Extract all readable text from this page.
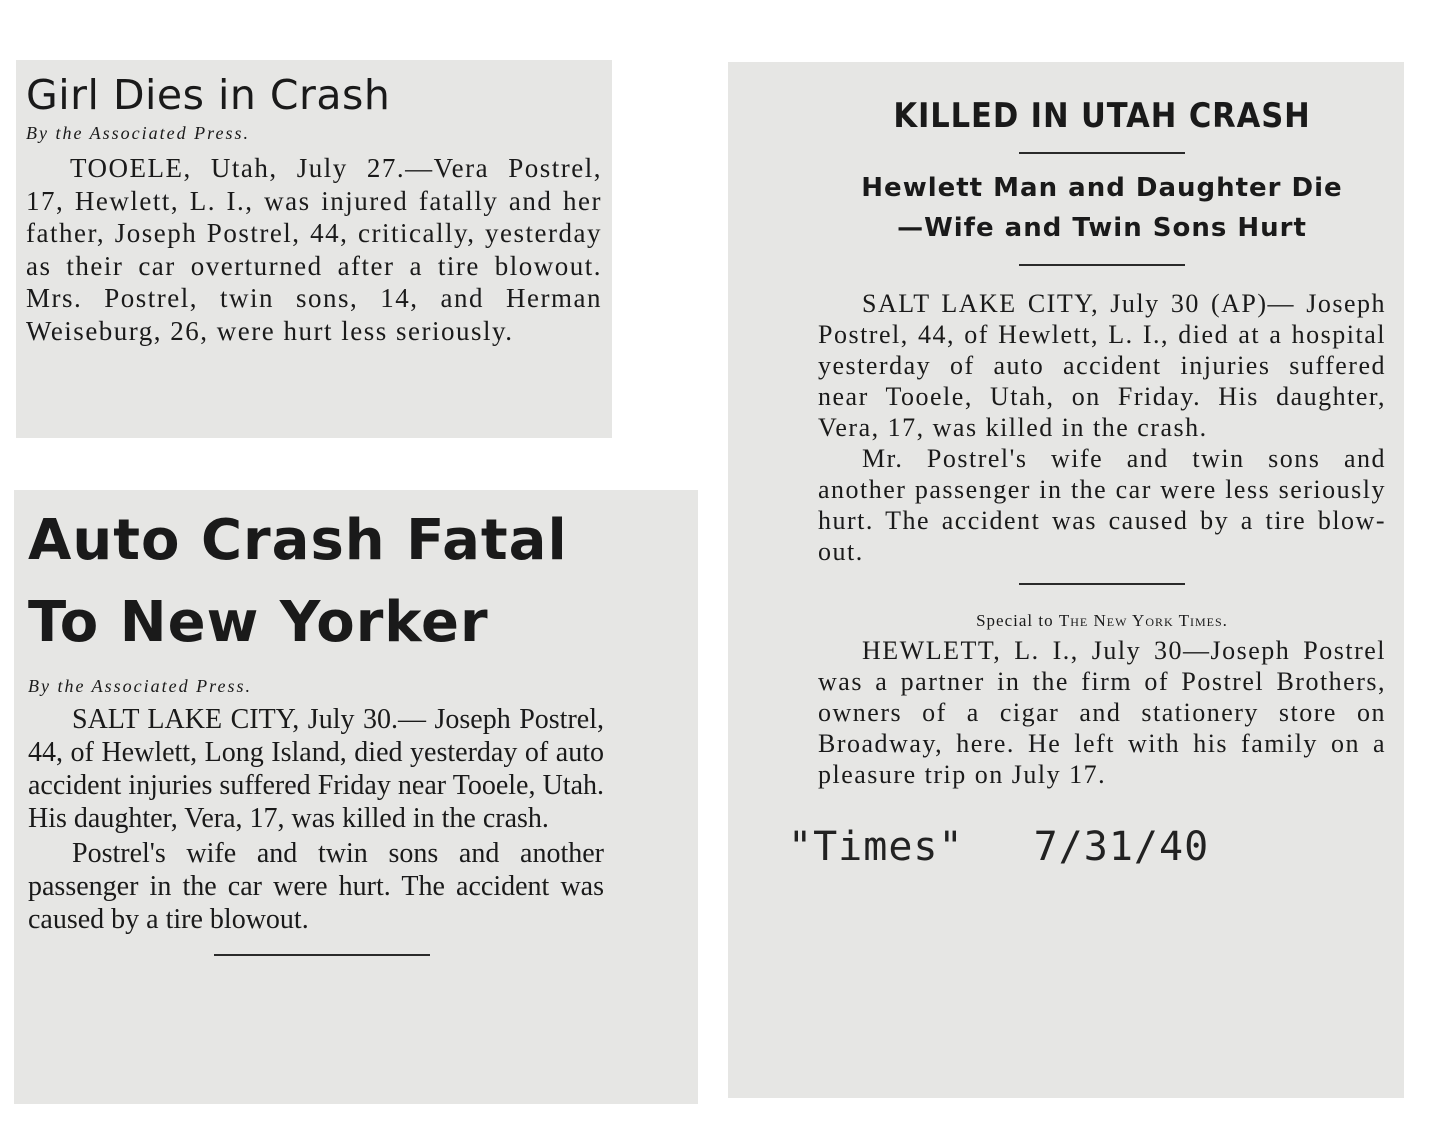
Girl Dies in Crash
By the Associated Press.

TOOELE, Utah, July 27.—Vera Postrel, 17, Hewlett, L. I., was injured fatally and her father, Joseph Postrel, 44, critically, yesterday as their car overturned after a tire blowout. Mrs. Postrel, twin sons, 14, and Herman Weiseburg, 26, were hurt less seriously.

Auto Crash Fatal
To New Yorker
By the Associated Press.

SALT LAKE CITY, July 30.— Joseph Postrel, 44, of Hewlett, Long Island, died yesterday of auto accident injuries suffered Friday near Tooele, Utah. His daughter, Vera, 17, was killed in the crash.

Postrel's wife and twin sons and another passenger in the car were hurt. The accident was caused by a tire blowout.

KILLED IN UTAH CRASH
Hewlett Man and Daughter Die
—Wife and Twin Sons Hurt

SALT LAKE CITY, July 30 (AP)— Joseph Postrel, 44, of Hewlett, L. I., died at a hospital yesterday of auto accident injuries suffered near Tooele, Utah, on Friday. His daughter, Vera, 17, was killed in the crash.

Mr. Postrel's wife and twin sons and another passenger in the car were less seriously hurt. The accident was caused by a tire blow-out.

Special to The New York Times.

HEWLETT, L. I., July 30—Joseph Postrel was a partner in the firm of Postrel Brothers, owners of a cigar and stationery store on Broadway, here. He left with his family on a pleasure trip on July 17.

"Times" 7/31/40
